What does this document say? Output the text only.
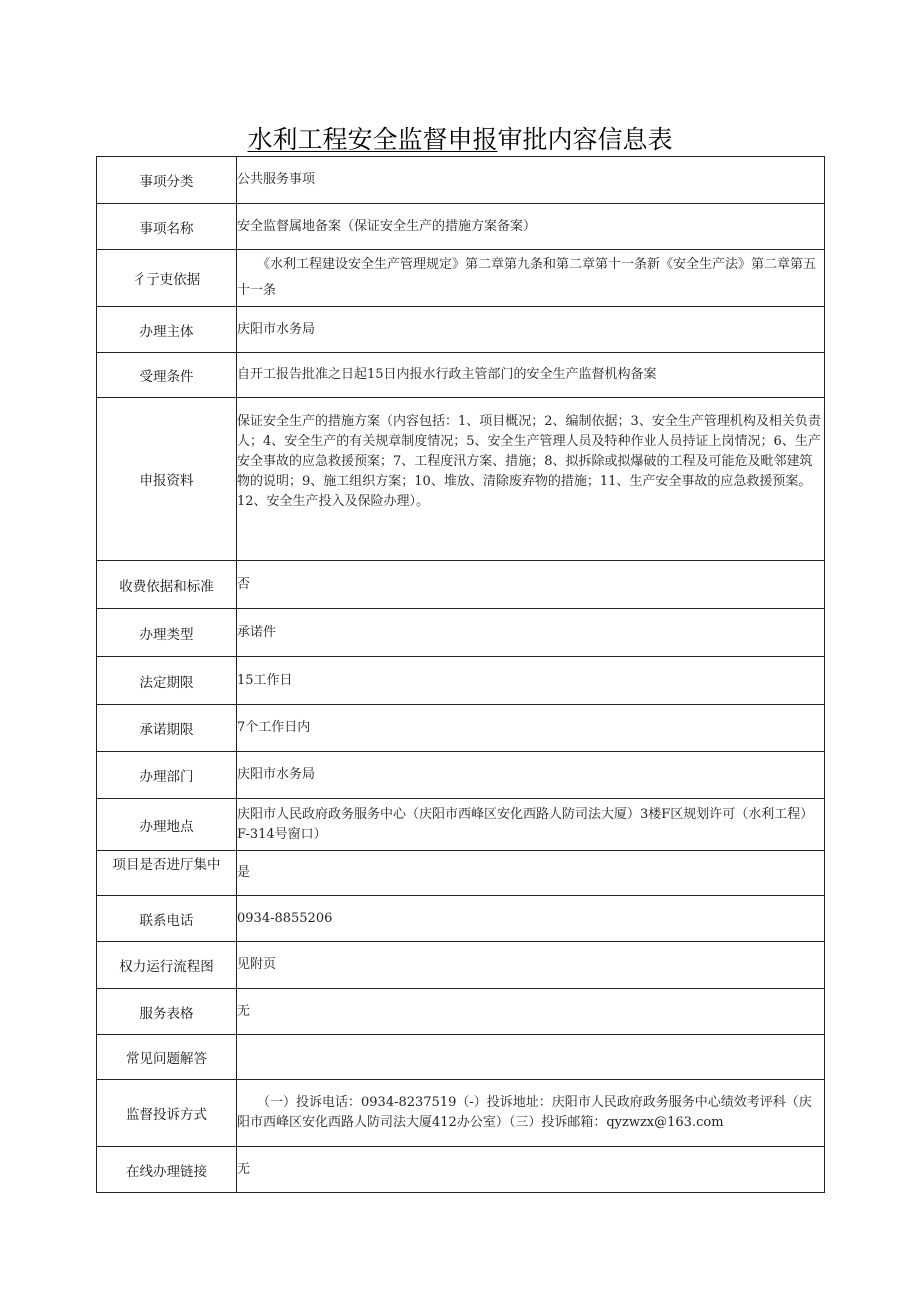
水利工程安全监督申报审批内容信息表
事项分类	公共服务事项
事项名称	安全监督属地备案（保证安全生产的措施方案备案）
彳亍吏依据	《水利工程建设安全生产管理规定》第二章第九条和第二章第十一条新《安全生产法》第二章第五十一条
办理主体	庆阳市水务局
受理条件	自开工报告批准之日起15日内报水行政主管部门的安全生产监督机构备案
申报资料	保证安全生产的措施方案（内容包括：1、项目概况；2、编制依据；3、安全生产管理机构及相关负责人；4、安全生产的有关规章制度情况；5、安全生产管理人员及特种作业人员持证上岗情况；6、生产安全事故的应急救援预案；7、工程度汛方案、措施；8、拟拆除或拟爆破的工程及可能危及毗邻建筑物的说明；9、施工组织方案；10、堆放、清除废弃物的措施；11、生产安全事故的应急救援预案。12、安全生产投入及保险办理）。
收费依据和标准	否
办理类型	承诺件
法定期限	15工作日
承诺期限	7个工作日内
办理部门	庆阳市水务局
办理地点	庆阳市人民政府政务服务中心（庆阳市西峰区安化西路人防司法大厦）3楼F区规划许可（水利工程）F-314号窗口）
项目是否进厅集中	是
联系电话	0934-8855206
权力运行流程图	见附页
服务表格	无
常见问题解答	
监督投诉方式	（一）投诉电话：0934-8237519（-）投诉地址：庆阳市人民政府政务服务中心绩效考评科（庆阳市西峰区安化西路人防司法大厦412办公室）（三）投诉邮箱：qyzwzx@163.com
在线办理链接	无
